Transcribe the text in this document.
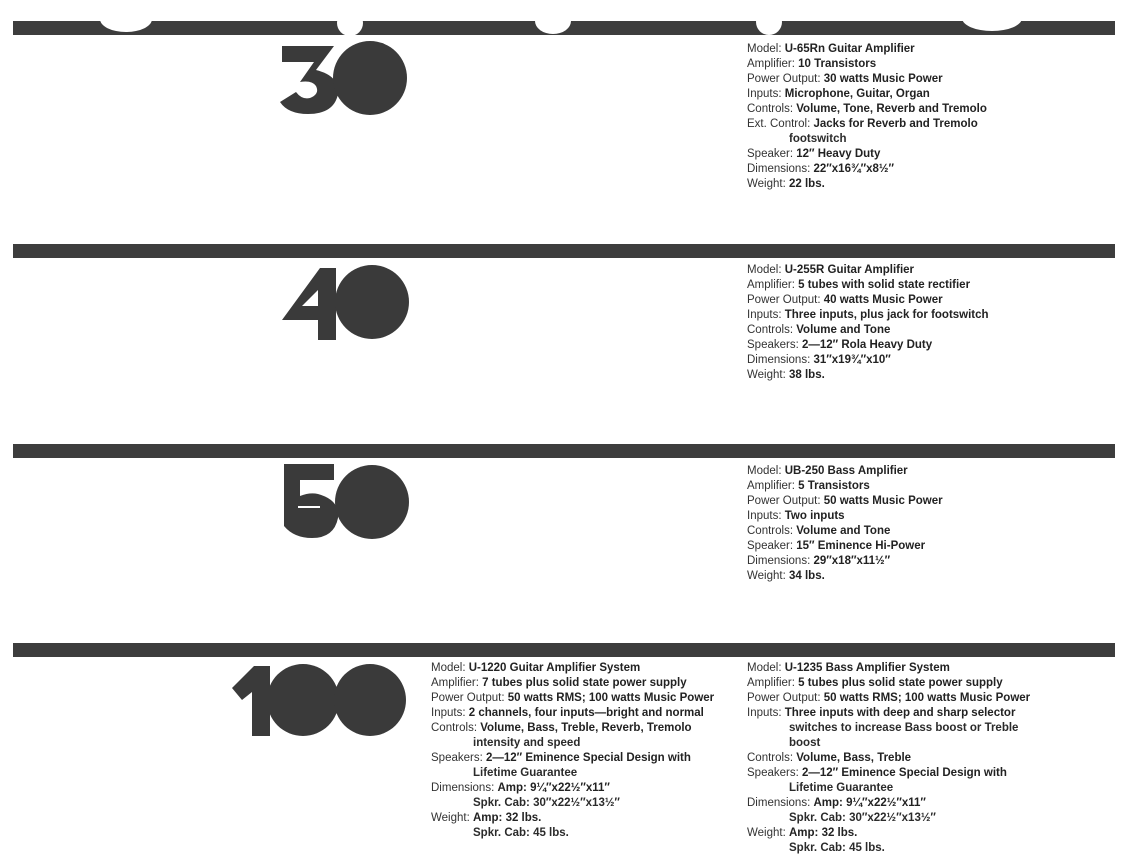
Model: U-65Rn Guitar Amplifier
Amplifier: 10 Transistors
Power Output: 30 watts Music Power
Inputs: Microphone, Guitar, Organ
Controls: Volume, Tone, Reverb and Tremolo
Ext. Control: Jacks for Reverb and Tremolo
footswitch
Speaker: 12″ Heavy Duty
Dimensions: 22″x16¾″x8½″
Weight: 22 lbs.
Model: U-255R Guitar Amplifier
Amplifier: 5 tubes with solid state rectifier
Power Output: 40 watts Music Power
Inputs: Three inputs, plus jack for footswitch
Controls: Volume and Tone
Speakers: 2—12″ Rola Heavy Duty
Dimensions: 31″x19¾″x10″
Weight: 38 lbs.
Model: UB-250 Bass Amplifier
Amplifier: 5 Transistors
Power Output: 50 watts Music Power
Inputs: Two inputs
Controls: Volume and Tone
Speaker: 15″ Eminence Hi-Power
Dimensions: 29″x18″x11½″
Weight: 34 lbs.
Model: U-1220 Guitar Amplifier System
Amplifier: 7 tubes plus solid state power supply
Power Output: 50 watts RMS; 100 watts Music Power
Inputs: 2 channels, four inputs—bright and normal
Controls: Volume, Bass, Treble, Reverb, Tremolo
intensity and speed
Speakers: 2—12″ Eminence Special Design with
Lifetime Guarantee
Dimensions: Amp: 9¼″x22½″x11″
Spkr. Cab: 30″x22½″x13½″
Weight: Amp: 32 lbs.
Spkr. Cab: 45 lbs.
Model: U-1235 Bass Amplifier System
Amplifier: 5 tubes plus solid state power supply
Power Output: 50 watts RMS; 100 watts Music Power
Inputs: Three inputs with deep and sharp selector
switches to increase Bass boost or Treble
boost
Controls: Volume, Bass, Treble
Speakers: 2—12″ Eminence Special Design with
Lifetime Guarantee
Dimensions: Amp: 9¼″x22½″x11″
Spkr. Cab: 30″x22½″x13½″
Weight: Amp: 32 lbs.
Spkr. Cab: 45 lbs.
